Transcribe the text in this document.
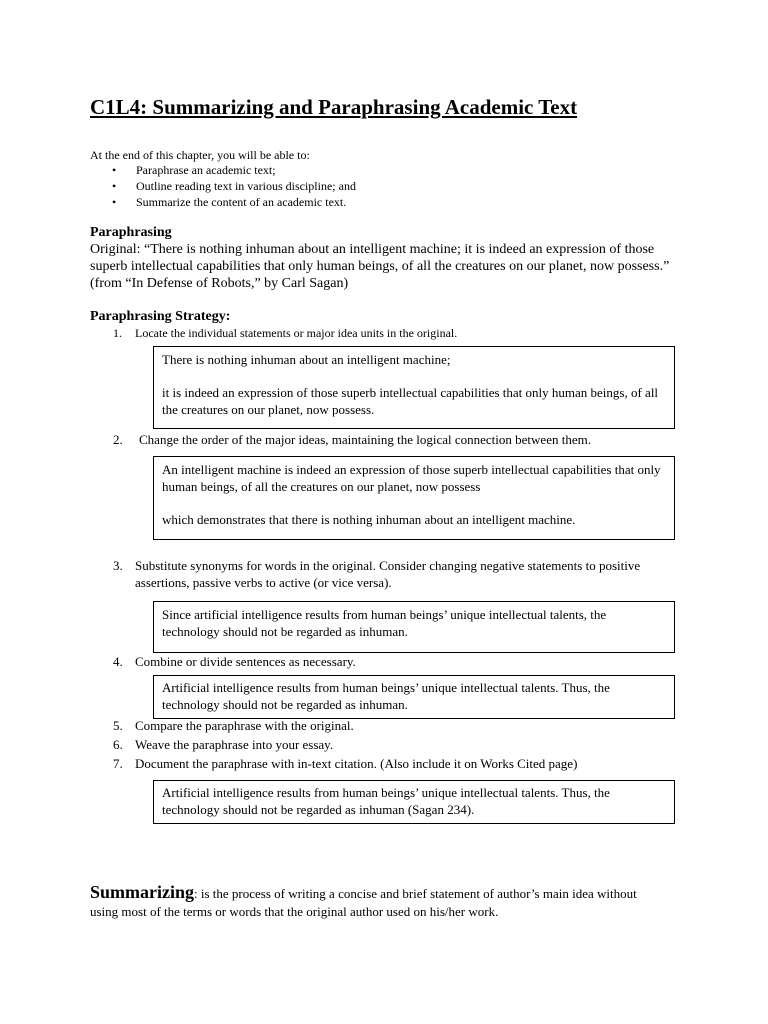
C1L4: Summarizing and Paraphrasing Academic Text
At the end of this chapter, you will be able to:
• Paraphrase an academic text;
• Outline reading text in various discipline; and
• Summarize the content of an academic text.
Paraphrasing
Original: “There is nothing inhuman about an intelligent machine; it is indeed an expression of those
superb intellectual capabilities that only human beings, of all the creatures on our planet, now possess.”
(from “In Defense of Robots,” by Carl Sagan)
Paraphrasing Strategy:
1. Locate the individual statements or major idea units in the original.

There is nothing inhuman about an intelligent machine;

it is indeed an expression of those superb intellectual capabilities that only human beings, of all the creatures on our planet, now possess.

2. Change the order of the major ideas, maintaining the logical connection between them.

An intelligent machine is indeed an expression of those superb intellectual capabilities that only human beings, of all the creatures on our planet, now possess

which demonstrates that there is nothing inhuman about an intelligent machine.

3. Substitute synonyms for words in the original. Consider changing negative statements to positive
assertions, passive verbs to active (or vice versa).

Since artificial intelligence results from human beings’ unique intellectual talents, the technology should not be regarded as inhuman.

4. Combine or divide sentences as necessary.

Artificial intelligence results from human beings’ unique intellectual talents. Thus, the technology should not be regarded as inhuman.

5. Compare the paraphrase with the original.
6. Weave the paraphrase into your essay.
7. Document the paraphrase with in-text citation. (Also include it on Works Cited page)

Artificial intelligence results from human beings’ unique intellectual talents. Thus, the technology should not be regarded as inhuman (Sagan 234).

Summarizing: is the process of writing a concise and brief statement of author’s main idea without
using most of the terms or words that the original author used on his/her work.
